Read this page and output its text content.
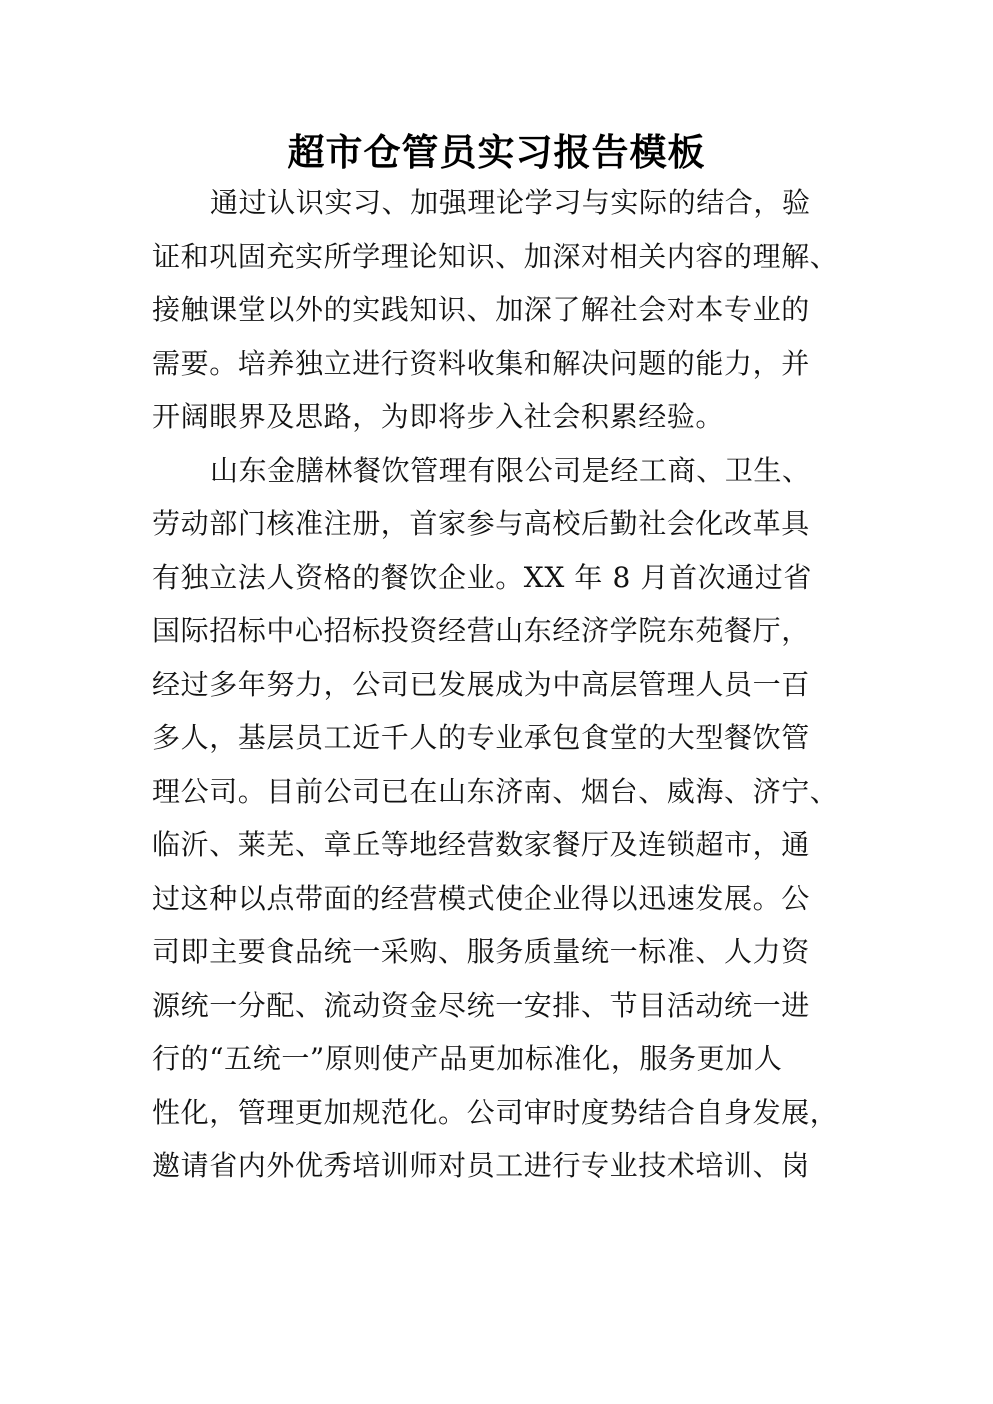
超市仓管员实习报告模板
通过认识实习、加强理论学习与实际的结合，验
证和巩固充实所学理论知识、加深对相关内容的理解、
接触课堂以外的实践知识、加深了解社会对本专业的
需要。培养独立进行资料收集和解决问题的能力，并
开阔眼界及思路，为即将步入社会积累经验。
山东金膳林餐饮管理有限公司是经工商、卫生、
劳动部门核准注册，首家参与高校后勤社会化改革具
有独立法人资格的餐饮企业。XX 年 8 月首次通过省
国际招标中心招标投资经营山东经济学院东苑餐厅，
经过多年努力，公司已发展成为中高层管理人员一百
多人，基层员工近千人的专业承包食堂的大型餐饮管
理公司。目前公司已在山东济南、烟台、威海、济宁、
临沂、莱芜、章丘等地经营数家餐厅及连锁超市，通
过这种以点带面的经营模式使企业得以迅速发展。公
司即主要食品统一采购、服务质量统一标准、人力资
源统一分配、流动资金尽统一安排、节目活动统一进
行的“五统一”原则使产品更加标准化，服务更加人
性化，管理更加规范化。公司审时度势结合自身发展，
邀请省内外优秀培训师对员工进行专业技术培训、岗
